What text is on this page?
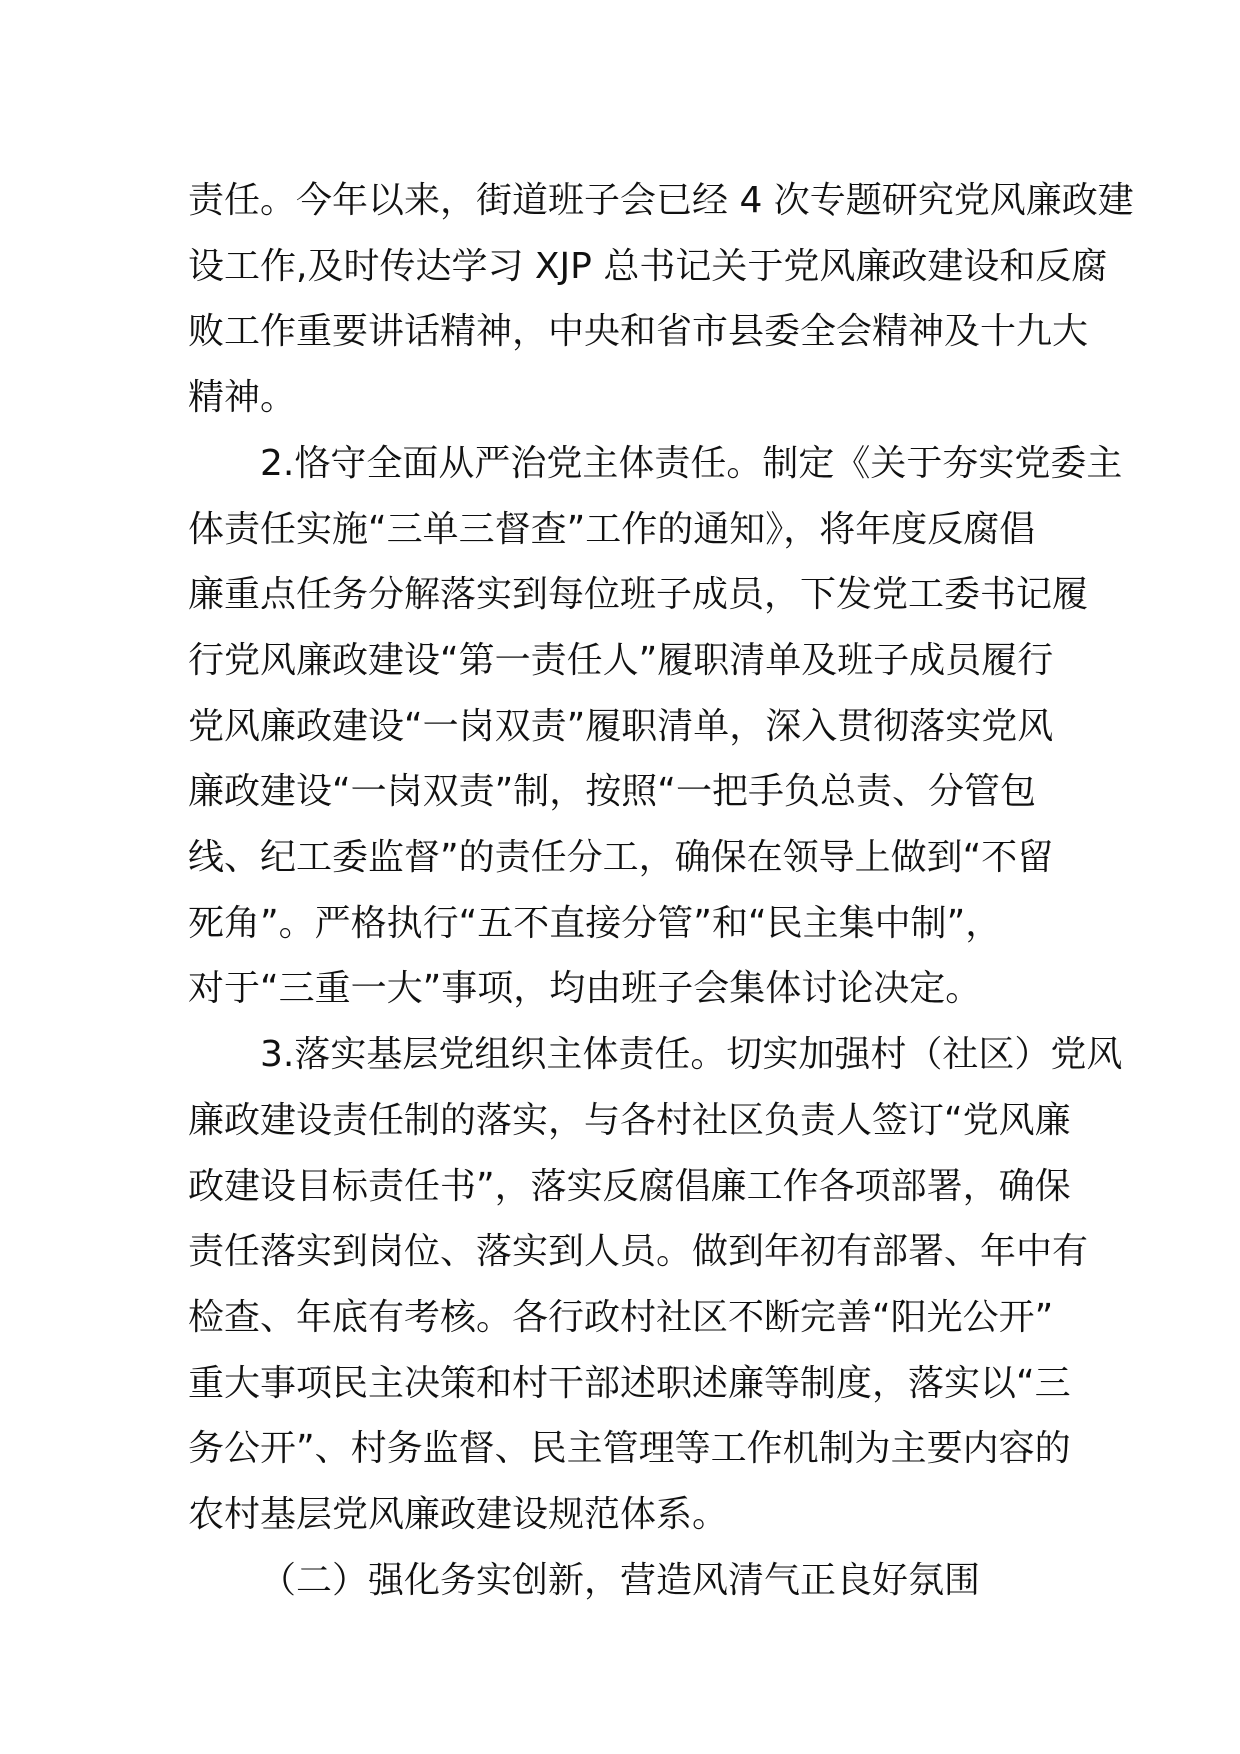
责任。今年以来，街道班子会已经 4 次专题研究党风廉政建
设工作,及时传达学习 XJP 总书记关于党风廉政建设和反腐
败工作重要讲话精神，中央和省市县委全会精神及十九大
精神。
2.恪守全面从严治党主体责任。制定《关于夯实党委主
体责任实施“三单三督查”工作的通知》，将年度反腐倡
廉重点任务分解落实到每位班子成员，下发党工委书记履
行党风廉政建设“第一责任人”履职清单及班子成员履行
党风廉政建设“一岗双责”履职清单，深入贯彻落实党风
廉政建设“一岗双责”制，按照“一把手负总责、分管包
线、纪工委监督”的责任分工，确保在领导上做到“不留
死角”。严格执行“五不直接分管”和“民主集中制”，
对于“三重一大”事项，均由班子会集体讨论决定。
3.落实基层党组织主体责任。切实加强村（社区）党风
廉政建设责任制的落实，与各村社区负责人签订“党风廉
政建设目标责任书”，落实反腐倡廉工作各项部署，确保
责任落实到岗位、落实到人员。做到年初有部署、年中有
检查、年底有考核。各行政村社区不断完善“阳光公开”
重大事项民主决策和村干部述职述廉等制度，落实以“三
务公开”、村务监督、民主管理等工作机制为主要内容的
农村基层党风廉政建设规范体系。
（二）强化务实创新，营造风清气正良好氛围
